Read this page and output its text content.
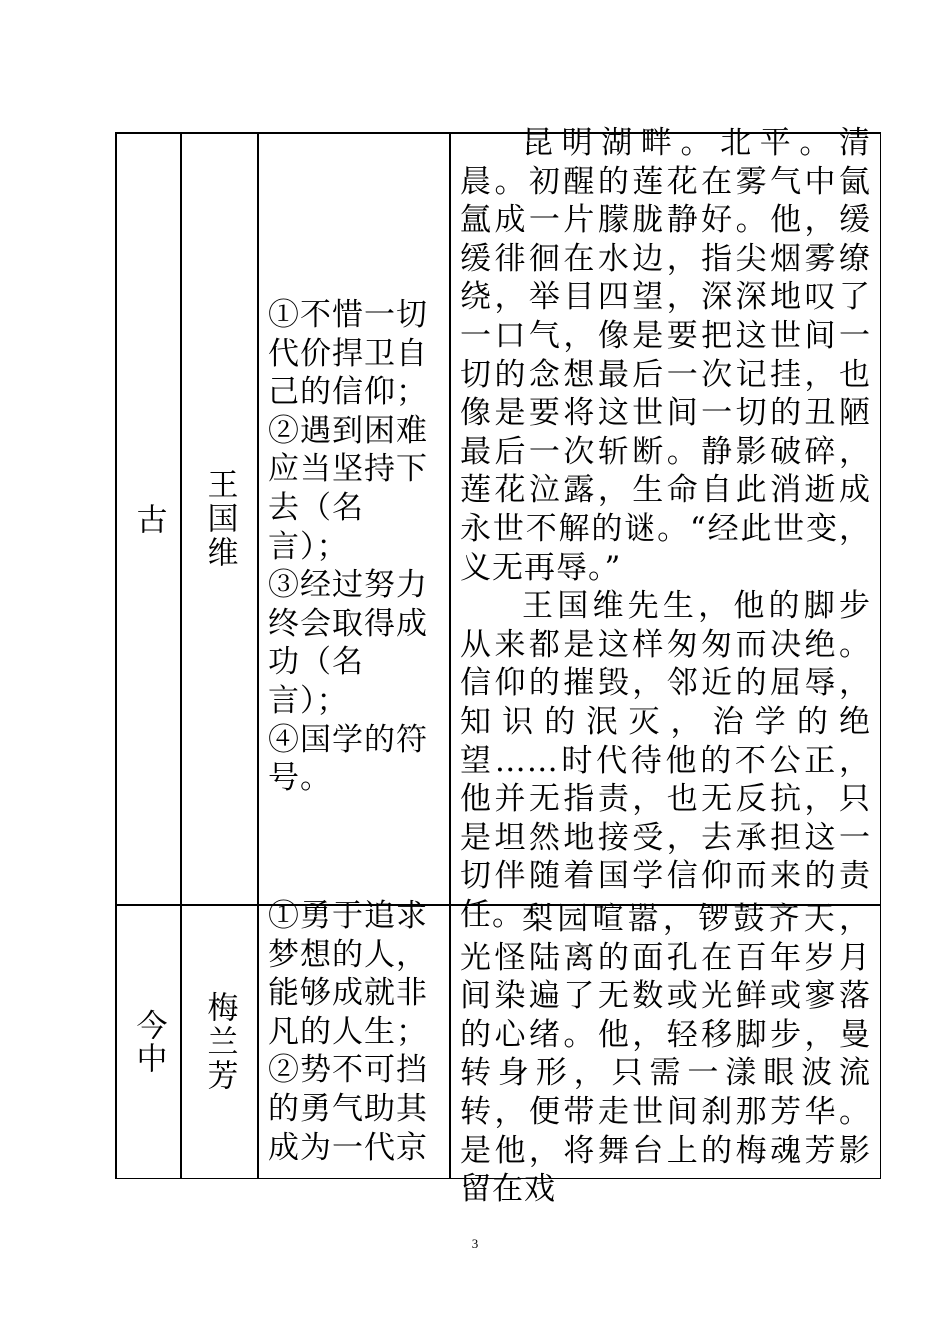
古 王国维

①不惜一切代价捍卫自己的信仰；

②遇到困难应当坚持下去（名言）；

③经过努力终会取得成功（名言）；

④国学的符号。

昆明湖畔。北平。清晨。初醒的莲花在雾气中氤氲成一片朦胧静好。他，缓缓徘徊在水边，指尖烟雾缭绕，举目四望，深深地叹了一口气，像是要把这世间一切的念想最后一次记挂，也像是要将这世间一切的丑陋最后一次斩断。静影破碎，莲花泣露，生命自此消逝成永世不解的谜。“经此世变，义无再辱。”

王国维先生，他的脚步从来都是这样匆匆而决绝。信仰的摧毁，邻近的屈辱，知识的泯灭，治学的绝望……时代待他的不公正，他并无指责，也无反抗，只是坦然地接受，去承担这一切伴随着国学信仰而来的责任。

今中 梅兰芳

①勇于追求梦想的人，能够成就非凡的人生；

②势不可挡的勇气助其成为一代京

梨园喧嚣，锣鼓齐天，光怪陆离的面孔在百年岁月间染遍了无数或光鲜或寥落的心绪。他，轻移脚步，曼转身形，只需一漾眼波流转，便带走世间刹那芳华。是他，将舞台上的梅魂芳影留在戏

3
